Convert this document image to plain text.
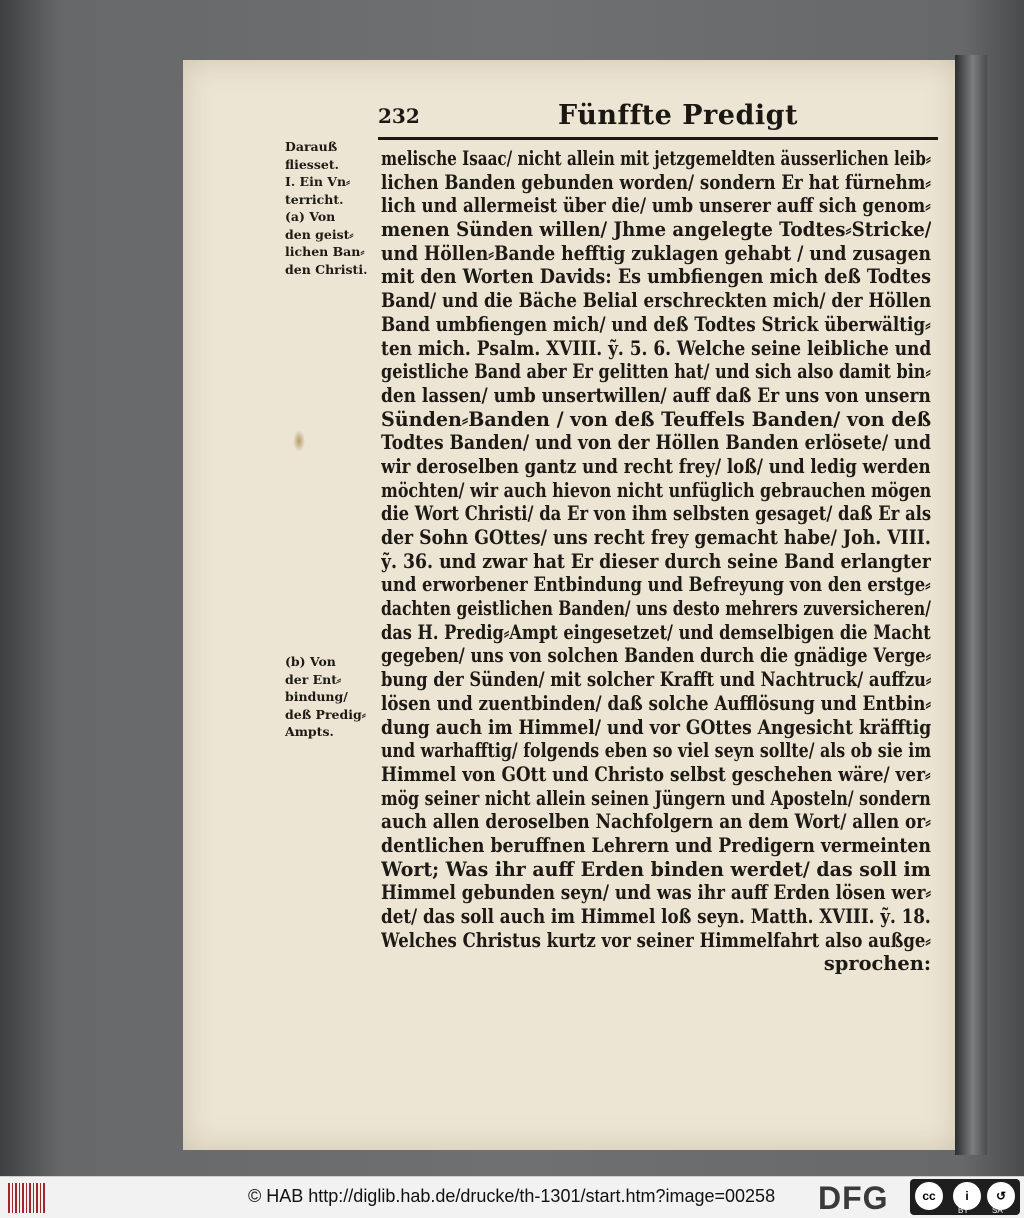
232	Fünffte Predigt
Darauß
fliesset.
I. Ein Vn⸗
terricht.
(a) Von
den geist⸗
lichen Ban⸗
den Christi.
(b) Von
der Ent⸗
bindung/
deß Predig⸗
Ampts.
melische Isaac/ nicht allein mit jetzgemeldten äusserlichen leib⸗
lichen Banden gebunden worden/ sondern Er hat fürnehm⸗
lich und allermeist über die/ umb unserer auff sich genom⸗
menen Sünden willen/ Jhme angelegte Todtes⸗Stricke/
und Höllen⸗Bande hefftig zuklagen gehabt / und zusagen
mit den Worten Davids: Es umbfiengen mich deß Todtes
Band/ und die Bäche Belial erschreckten mich/ der Höllen
Band umbfiengen mich/ und deß Todtes Strick überwältig⸗
ten mich. Psalm. XVIII. ỹ. 5. 6. Welche seine leibliche und
geistliche Band aber Er gelitten hat/ und sich also damit bin⸗
den lassen/ umb unsertwillen/ auff daß Er uns von unsern
Sünden⸗Banden / von deß Teuffels Banden/ von deß
Todtes Banden/ und von der Höllen Banden erlösete/ und
wir deroselben gantz und recht frey/ loß/ und ledig werden
möchten/ wir auch hievon nicht unfüglich gebrauchen mögen
die Wort Christi/ da Er von ihm selbsten gesaget/ daß Er als
der Sohn GOttes/ uns recht frey gemacht habe/ Joh. VIII.
ỹ. 36. und zwar hat Er dieser durch seine Band erlangter
und erworbener Entbindung und Befreyung von den erstge⸗
dachten geistlichen Banden/ uns desto mehrers zuversicheren/
das H. Predig⸗Ampt eingesetzet/ und demselbigen die Macht
gegeben/ uns von solchen Banden durch die gnädige Verge⸗
bung der Sünden/ mit solcher Krafft und Nachtruck/ auffzu⸗
lösen und zuentbinden/ daß solche Aufflösung und Entbin⸗
dung auch im Himmel/ und vor GOttes Angesicht kräfftig
und warhafftig/ folgends eben so viel seyn sollte/ als ob sie im
Himmel von GOtt und Christo selbst geschehen wäre/ ver⸗
mög seiner nicht allein seinen Jüngern und Aposteln/ sondern
auch allen deroselben Nachfolgern an dem Wort/ allen or⸗
dentlichen beruffnen Lehrern und Predigern vermeinten
Wort; Was ihr auff Erden binden werdet/ das soll im
Himmel gebunden seyn/ und was ihr auff Erden lösen wer⸗
det/ das soll auch im Himmel loß seyn. Matth. XVIII. ỹ. 18.
Welches Christus kurtz vor seiner Himmelfahrt also außge⸗
sprochen:
© HAB http://diglib.hab.de/drucke/th-1301/start.htm?image=00258 DFG	cc	i	↺
BY	SA
